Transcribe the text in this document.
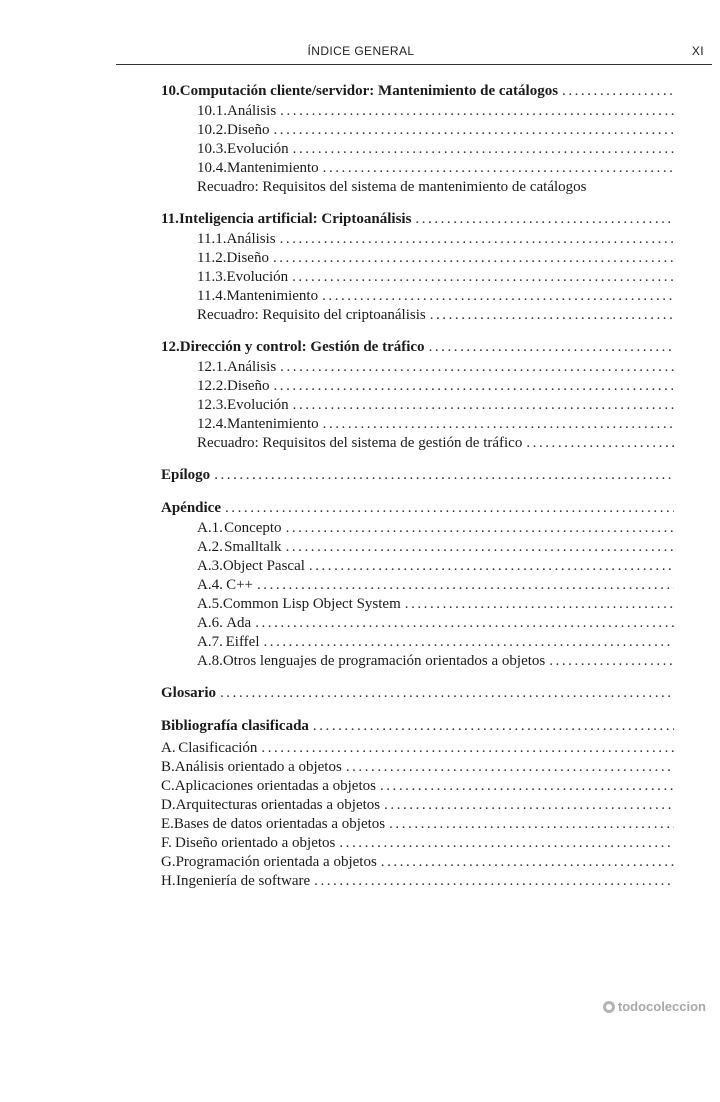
ÍNDICE GENERAL	XI
10. Computación cliente/servidor: Mantenimiento de catálogos
. . .
10.1. Análisis
. . .
10.2. Diseño
. . .
10.3. Evolución
. . .
10.4. Mantenimiento
. . .
Recuadro: Requisitos del sistema de mantenimiento de catálogos
11. Inteligencia artificial: Criptoanálisis
. . .
11.1. Análisis
. . .
11.2. Diseño
. . .
11.3. Evolución
. . .
11.4. Mantenimiento
. . .
Recuadro: Requisito del criptoanálisis
. . .
12. Dirección y control: Gestión de tráfico
. . .
12.1. Análisis
. . .
12.2. Diseño
. . .
12.3. Evolución
. . .
12.4. Mantenimiento
. . .
Recuadro: Requisitos del sistema de gestión de tráfico
. . .
Epílogo
. . .
Apéndice
. . .
A.1. Concepto
. . .
A.2. Smalltalk
. . .
A.3. Object Pascal
. . .
A.4. C++
. . .
A.5. Common Lisp Object System
. . .
A.6. Ada
. . .
A.7. Eiffel
. . .
A.8. Otros lenguajes de programación orientados a objetos
. . .
Glosario
. . .
Bibliografía clasificada
. . .
A. Clasificación
. . .
B. Análisis orientado a objetos
. . .
C. Aplicaciones orientadas a objetos
. . .
D. Arquitecturas orientadas a objetos
. . .
E. Bases de datos orientadas a objetos
. . .
F. Diseño orientado a objetos
. . .
G. Programación orientada a objetos
. . .
H. Ingeniería de software
. . .
todocoleccion
